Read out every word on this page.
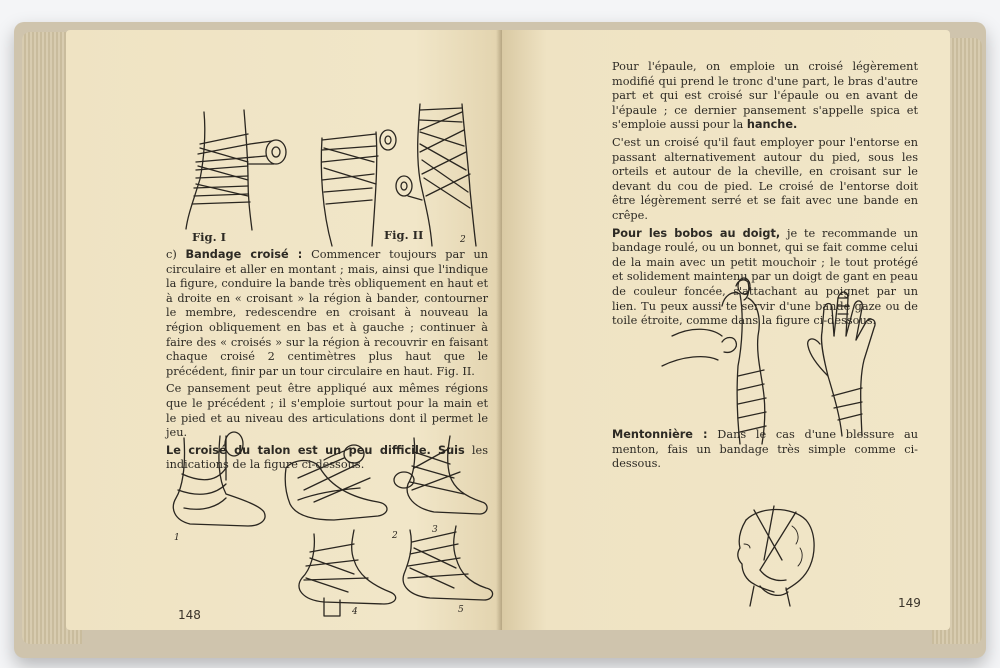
Fig. I	2
Fig. II

c) Bandage croisé : Commencer toujours par un circulaire et aller en montant ; mais, ainsi que l'indique la figure, conduire la bande très obliquement en haut et à droite en « croisant » la région à bander, contourner le membre, redescendre en croisant à nouveau la région obliquement en bas et à gauche ; continuer à faire des « croisés » sur la région à recouvrir en faisant chaque croisé 2 centimètres plus haut que le précédent, finir par un tour circulaire en haut. Fig. II.

Ce pansement peut être appliqué aux mêmes régions que le précédent ; il s'emploie surtout pour la main et le pied et au niveau des articulations dont il permet le jeu.

Le croisé du talon est un peu difficile. Suis les indications de la figure ci-dessous.

1	2
3
4	5
148

Pour l'épaule, on emploie un croisé légèrement modifié qui prend le tronc d'une part, le bras d'autre part et qui est croisé sur l'épaule ou en avant de l'épaule ; ce dernier pansement s'appelle spica et s'emploie aussi pour la hanche.

C'est un croisé qu'il faut employer pour l'entorse en passant alternativement autour du pied, sous les orteils et autour de la cheville, en croisant sur le devant du cou de pied. Le croisé de l'entorse doit être légèrement serré et se fait avec une bande en crêpe.

Pour les bobos au doigt, je te recommande un bandage roulé, ou un bonnet, qui se fait comme celui de la main avec un petit mouchoir ; le tout protégé et solidement maintenu par un doigt de gant en peau de couleur foncée, s'attachant au poignet par un lien. Tu peux aussi te servir d'une bande gaze ou de toile étroite, comme dans la figure ci-dessous.

Mentonnière : Dans le cas d'une blessure au menton, fais un bandage très simple comme ci-dessous.

149
